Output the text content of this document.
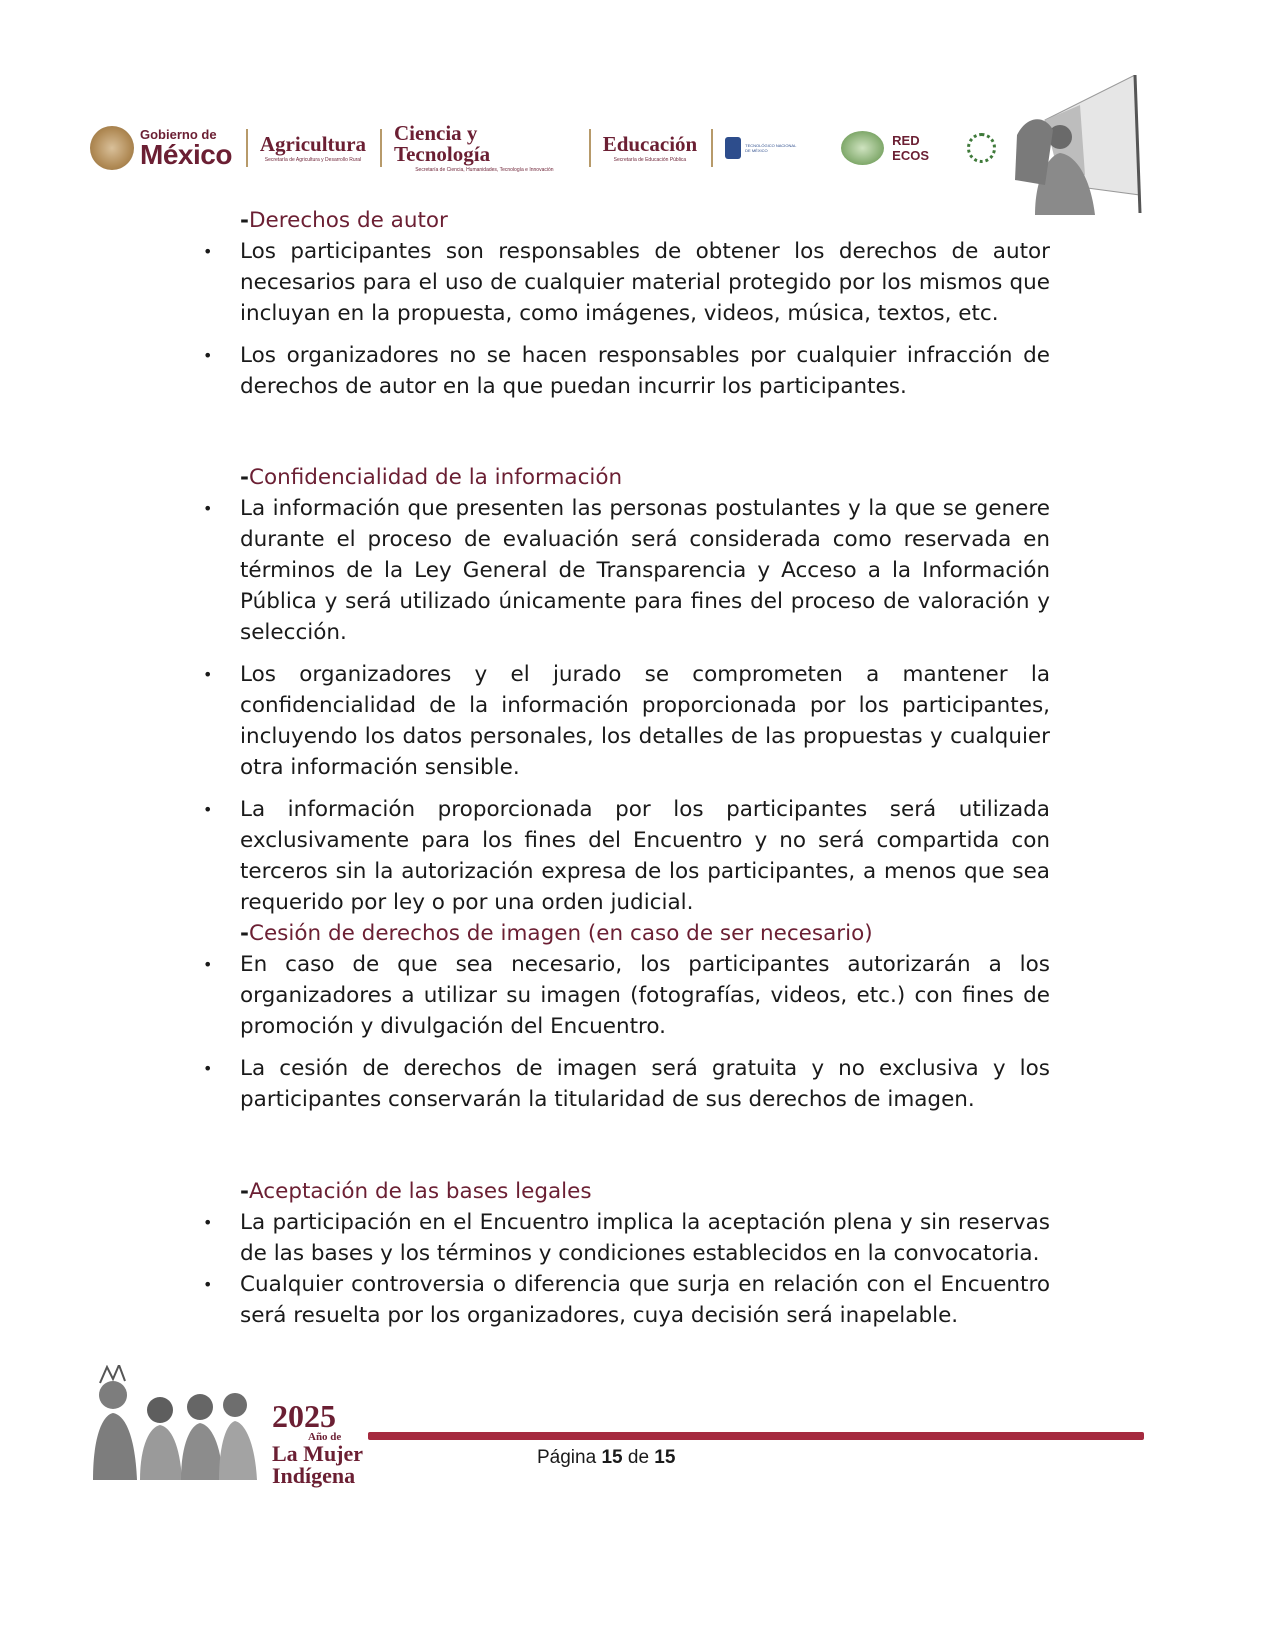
Gobierno de
México Agricultura
Secretaría de Agricultura y Desarrollo Rural
Ciencia y Tecnología
Secretaría de Ciencia, Humanidades, Tecnología e Innovación
Educación
Secretaría de Educación Pública
TECNOLÓGICO NACIONAL DE MÉXICO
RED ECOS

-Derechos de autor

• Los participantes son responsables de obtener los derechos de autor necesarios para el uso de cualquier material protegido por los mismos que incluyan en la propuesta, como imágenes, videos, música, textos, etc.
• Los organizadores no se hacen responsables por cualquier infracción de derechos de autor en la que puedan incurrir los participantes.

-Confidencialidad de la información

• La información que presenten las personas postulantes y la que se genere durante el proceso de evaluación será considerada como reservada en términos de la Ley General de Transparencia y Acceso a la Información Pública y será utilizado únicamente para fines del proceso de valoración y selección.
• Los organizadores y el jurado se comprometen a mantener la confidencialidad de la información proporcionada por los participantes, incluyendo los datos personales, los detalles de las propuestas y cualquier otra información sensible.
• La información proporcionada por los participantes será utilizada exclusivamente para los fines del Encuentro y no será compartida con terceros sin la autorización expresa de los participantes, a menos que sea requerido por ley o por una orden judicial.

-Cesión de derechos de imagen (en caso de ser necesario)

• En caso de que sea necesario, los participantes autorizarán a los organizadores a utilizar su imagen (fotografías, videos, etc.) con fines de promoción y divulgación del Encuentro.
• La cesión de derechos de imagen será gratuita y no exclusiva y los participantes conservarán la titularidad de sus derechos de imagen.

-Aceptación de las bases legales

• La participación en el Encuentro implica la aceptación plena y sin reservas de las bases y los términos y condiciones establecidos en la convocatoria.
• Cualquier controversia o diferencia que surja en relación con el Encuentro será resuelta por los organizadores, cuya decisión será inapelable.
2025
Año de
La Mujer
Indígena
Página 15 de 15
